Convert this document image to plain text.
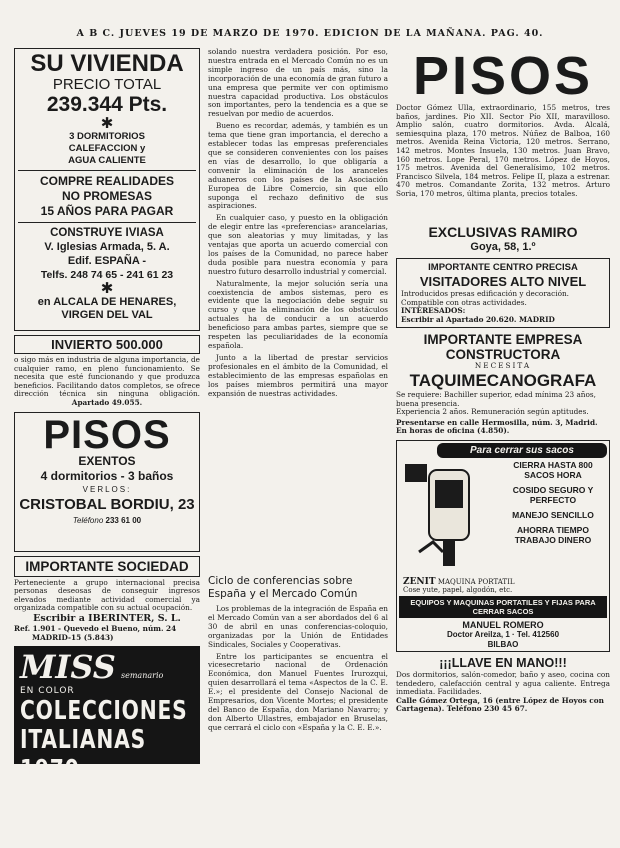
A B C. JUEVES 19 DE MARZO DE 1970. EDICION DE LA MAÑANA. PAG. 40.
SU VIVIENDA
PRECIO TOTAL
239.344 Pts.
✱
3 DORMITORIOS
CALEFACCION y
AGUA CALIENTE
COMPRE REALIDADES
NO PROMESAS
15 AÑOS PARA PAGAR
CONSTRUYE IVIASA
V. Iglesias Armada, 5. A.
Edif. ESPAÑA -
Telfs. 248 74 65 - 241 61 23
✱
en ALCALA DE HENARES,
VIRGEN DEL VAL
INVIERTO 500.000

o sigo más en industria de alguna importancia, de cualquier ramo, en pleno funcionamiento. Se necesita que esté funcionando y que produzca beneficios. Facilitando datos completos, se ofrece dirección técnica sin ninguna obligación.

Apartado 49.055.
PISOS
EXENTOS
4 dormitorios - 3 baños
VERLOS:
CRISTOBAL BORDIU, 23
Teléfono 233 61 00
IMPORTANTE SOCIEDAD

Perteneciente a grupo internacional precisa personas deseosas de conseguir ingresos elevados mediante actividad comercial ya organizada compatible con su actual ocupación.

Escribir a IBERINTER, S. L.
Ref. 1.901 - Quevedo el Bueno, núm. 24
MADRID-15 (5.843)
MISS semanario
EN COLOR
COLECCIONES
ITALIANAS 1970

solando nuestra verdadera posición. Por eso, nuestra entrada en el Mercado Común no es un simple ingreso de un país más, sino la incorporación de una economía de gran futuro a una empresa que permite ver con optimismo nuestra capacidad productiva. Los obstáculos son importantes, pero la tendencia es a que se resuelvan por medio de acuerdos.

Bueno es recordar, además, y también es un tema que tiene gran importancia, el derecho a establecer todas las empresas preferenciales que se consideren convenientes con los países en vías de desarrollo, lo que obligaría a convenir la eliminación de los aranceles aduaneros con los países de la Asociación Europea de Libre Comercio, sin que ello suponga el rechazo definitivo de sus aspiraciones.

En cualquier caso, y puesto en la obligación de elegir entre las «preferencias» arancelarias, que son aleatorias y muy limitadas, y las ventajas que aporta un acuerdo comercial con los países de la Comunidad, no parece haber duda posible para nuestra economía y para nuestro futuro desarrollo industrial y comercial.

Naturalmente, la mejor solución sería una coexistencia de ambos sistemas, pero es evidente que la negociación debe seguir su curso y que la eliminación de los obstáculos actuales ha de conducir a un acuerdo beneficioso para ambas partes, siempre que se respeten las peculiaridades de la economía española.

Junto a la libertad de prestar servicios profesionales en el ámbito de la Comunidad, el establecimiento de las empresas españolas en los países miembros permitirá una mayor expansión de nuestras actividades.

Ciclo de conferencias sobre España y el Mercado Común

Los problemas de la integración de España en el Mercado Común van a ser abordados del 6 al 30 de abril en unas conferencias-coloquio, organizadas por la Unión de Entidades Sindicales, Sociales y Cooperativas.

Entre los participantes se encuentra el vicesecretario nacional de Ordenación Económica, don Manuel Fuentes Irurozqui, quien desarrollará el tema «Aspectos de la C. E. E.»; el presidente del Consejo Nacional de Empresarios, don Vicente Mortes; el presidente del Banco de España, don Mariano Navarro; y don Alberto Ullastres, embajador en Bruselas, que cerrará el ciclo con «España y la C. E. E.».

PISOS

Doctor Gómez Ulla, extraordinario, 155 metros, tres baños, jardines. Pio XII. Sector Pío XII, maravilloso. Amplio salón, cuatro dormitorios. Avda. Alcalá, semiesquina plaza, 170 metros. Núñez de Balboa, 160 metros. Avenida Reina Victoria, 120 metros. Serrano, 142 metros. Montes Insuela, 130 metros. Juan Bravo, 160 metros. Lope Peral, 170 metros. López de Hoyos, 175 metros. Avenida del Generalísimo, 102 metros. Francisco Silvela, 184 metros. Felipe II, plaza a estrenar. 470 metros. Comandante Zorita, 132 metros. Arturo Soria, 170 metros, última planta, precios totales.

EXCLUSIVAS RAMIRO
Goya, 58, 1.º
IMPORTANTE CENTRO PRECISA
VISITADORES ALTO NIVEL

Introducidos presas edificación y decoración. Compatible con otras actividades.

INTERESADOS:
Escribir al Apartado 20.620. MADRID
IMPORTANTE EMPRESA CONSTRUCTORA
NECESITA
TAQUIMECANOGRAFA

Se requiere: Bachiller superior, edad mínima 23 años, buena presencia.

Experiencia 2 años. Remuneración según aptitudes.

Presentarse en calle Hermosilla, núm. 3, Madrid. En horas de oficina (4.850).

Para cerrar sus sacos
CIERRA HASTA 800 SACOS HORA
COSIDO SEGURO Y PERFECTO
MANEJO SENCILLO
AHORRA TIEMPO TRABAJO DINERO
ZENIT MAQUINA PORTATIL
Cose yute, papel, algodón, etc.
EQUIPOS Y MAQUINAS PORTATILES Y FIJAS PARA CERRAR SACOS
MANUEL ROMERO
Doctor Areilza, 1 · Tel. 412560
BILBAO
¡¡¡LLAVE EN MANO!!!

Dos dormitorios, salón-comedor, baño y aseo, cocina con tendedero, calefacción central y agua caliente. Entrega inmediata. Facilidades.

Calle Gómez Ortega, 16 (entre López de Hoyos con Cartagena). Teléfono 230 45 67.
